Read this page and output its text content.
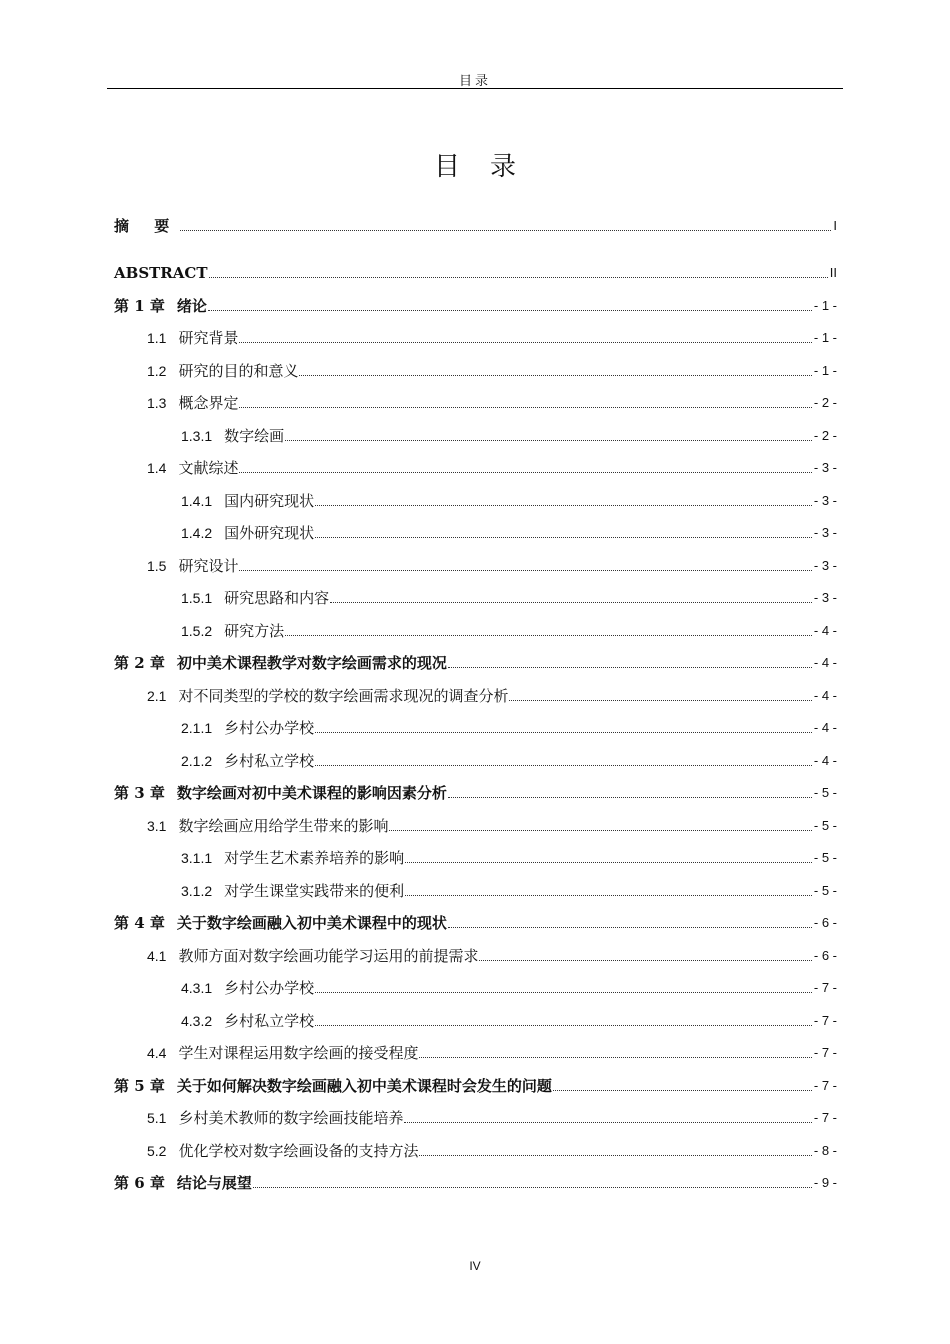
目录
目录
摘 要	I
ABSTRACT	II
第 1 章 绪论	- 1 -
1.1 研究背景	- 1 -
1.2 研究的目的和意义	- 1 -
1.3 概念界定	- 2 -
1.3.1 数字绘画	- 2 -
1.4 文献综述	- 3 -
1.4.1 国内研究现状	- 3 -
1.4.2 国外研究现状	- 3 -
1.5 研究设计	- 3 -
1.5.1 研究思路和内容	- 3 -
1.5.2 研究方法	- 4 -
第 2 章 初中美术课程教学对数字绘画需求的现况	- 4 -
2.1 对不同类型的学校的数字绘画需求现况的调查分析	- 4 -
2.1.1 乡村公办学校	- 4 -
2.1.2 乡村私立学校	- 4 -
第 3 章 数字绘画对初中美术课程的影响因素分析	- 5 -
3.1 数字绘画应用给学生带来的影响	- 5 -
3.1.1 对学生艺术素养培养的影响	- 5 -
3.1.2 对学生课堂实践带来的便利	- 5 -
第 4 章 关于数字绘画融入初中美术课程中的现状	- 6 -
4.1 教师方面对数字绘画功能学习运用的前提需求	- 6 -
4.3.1 乡村公办学校	- 7 -
4.3.2 乡村私立学校	- 7 -
4.4 学生对课程运用数字绘画的接受程度	- 7 -
第 5 章 关于如何解决数字绘画融入初中美术课程时会发生的问题	- 7 -
5.1 乡村美术教师的数字绘画技能培养	- 7 -
5.2 优化学校对数字绘画设备的支持方法	- 8 -
第 6 章 结论与展望	- 9 -
IV
